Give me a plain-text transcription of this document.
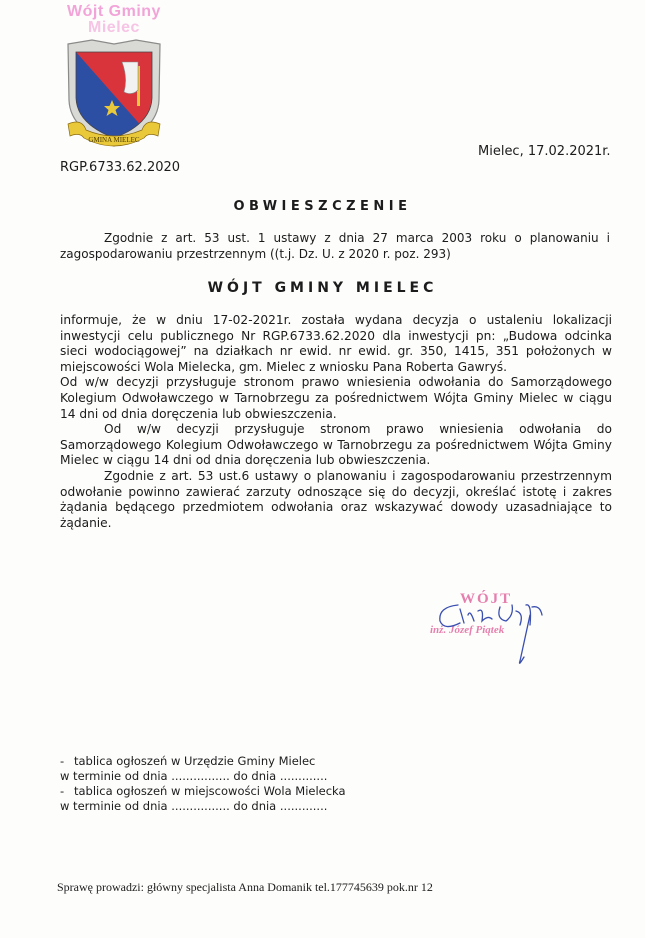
Wójt Gminy
Mielec
GMINA MIELEC
RGP.6733.62.2020
Mielec, 17.02.2021r.
OBWIESZCZENIE
Zgodnie z art. 53 ust. 1 ustawy z dnia 27 marca 2003 roku o planowaniu i zagospodarowaniu przestrzennym ((t.j. Dz. U. z 2020 r. poz. 293)
WÓJT GMINY MIELEC

informuje, że w dniu 17-02-2021r. została wydana decyzja o ustaleniu lokalizacji inwestycji celu publicznego Nr RGP.6733.62.2020 dla inwestycji pn: „Budowa odcinka sieci wodociągowej” na działkach nr ewid. nr ewid. gr. 350, 1415, 351 położonych w miejscowości Wola Mielecka, gm. Mielec z wniosku Pana Roberta Gawryś.

Od w/w decyzji przysługuje stronom prawo wniesienia odwołania do Samorządowego Kolegium Odwoławczego w Tarnobrzegu za pośrednictwem Wójta Gminy Mielec w ciągu 14 dni od dnia doręczenia lub obwieszczenia.

Od w/w decyzji przysługuje stronom prawo wniesienia odwołania do Samorządowego Kolegium Odwoławczego w Tarnobrzegu za pośrednictwem Wójta Gminy Mielec w ciągu 14 dni od dnia doręczenia lub obwieszczenia.

Zgodnie z art. 53 ust.6 ustawy o planowaniu i zagospodarowaniu przestrzennym odwołanie powinno zawierać zarzuty odnoszące się do decyzji, określać istotę i zakres żądania będącego przedmiotem odwołania oraz wskazywać dowody uzasadniające to żądanie.

WÓJT
inż. Józef Piątek
- tablica ogłoszeń w Urzędzie Gminy Mielec
w terminie od dnia ................ do dnia .............
- tablica ogłoszeń w miejscowości Wola Mielecka
w terminie od dnia ................ do dnia .............
Sprawę prowadzi: główny specjalista Anna Domanik tel.177745639 pok.nr 12
